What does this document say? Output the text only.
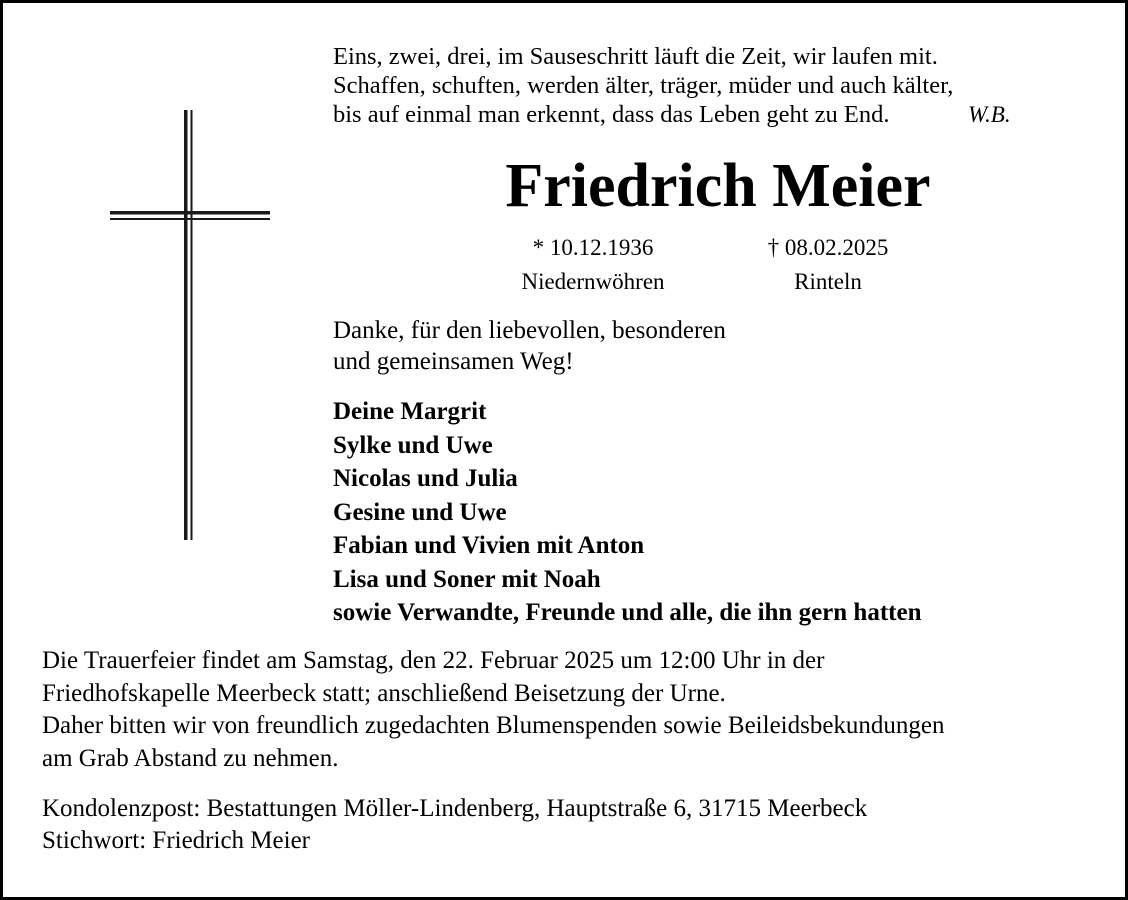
Eins, zwei, drei, im Sauseschritt läuft die Zeit, wir laufen mit.
Schaffen, schuften, werden älter, träger, müder und auch kälter,
bis auf einmal man erkennt, dass das Leben geht zu End.	W.B.
Friedrich Meier
* 10.12.1936
Niedernwöhren
† 08.02.2025
Rinteln
Danke, für den liebevollen, besonderen
und gemeinsamen Weg!
Deine Margrit
Sylke und Uwe
Nicolas und Julia
Gesine und Uwe
Fabian und Vivien mit Anton
Lisa und Soner mit Noah
sowie Verwandte, Freunde und alle, die ihn gern hatten
Die Trauerfeier findet am Samstag, den 22. Februar 2025 um 12:00 Uhr in der
Friedhofskapelle Meerbeck statt; anschließend Beisetzung der Urne.
Daher bitten wir von freundlich zugedachten Blumenspenden sowie Beileidsbekundungen
am Grab Abstand zu nehmen.
Kondolenzpost: Bestattungen Möller-Lindenberg, Hauptstraße 6, 31715 Meerbeck
Stichwort: Friedrich Meier
